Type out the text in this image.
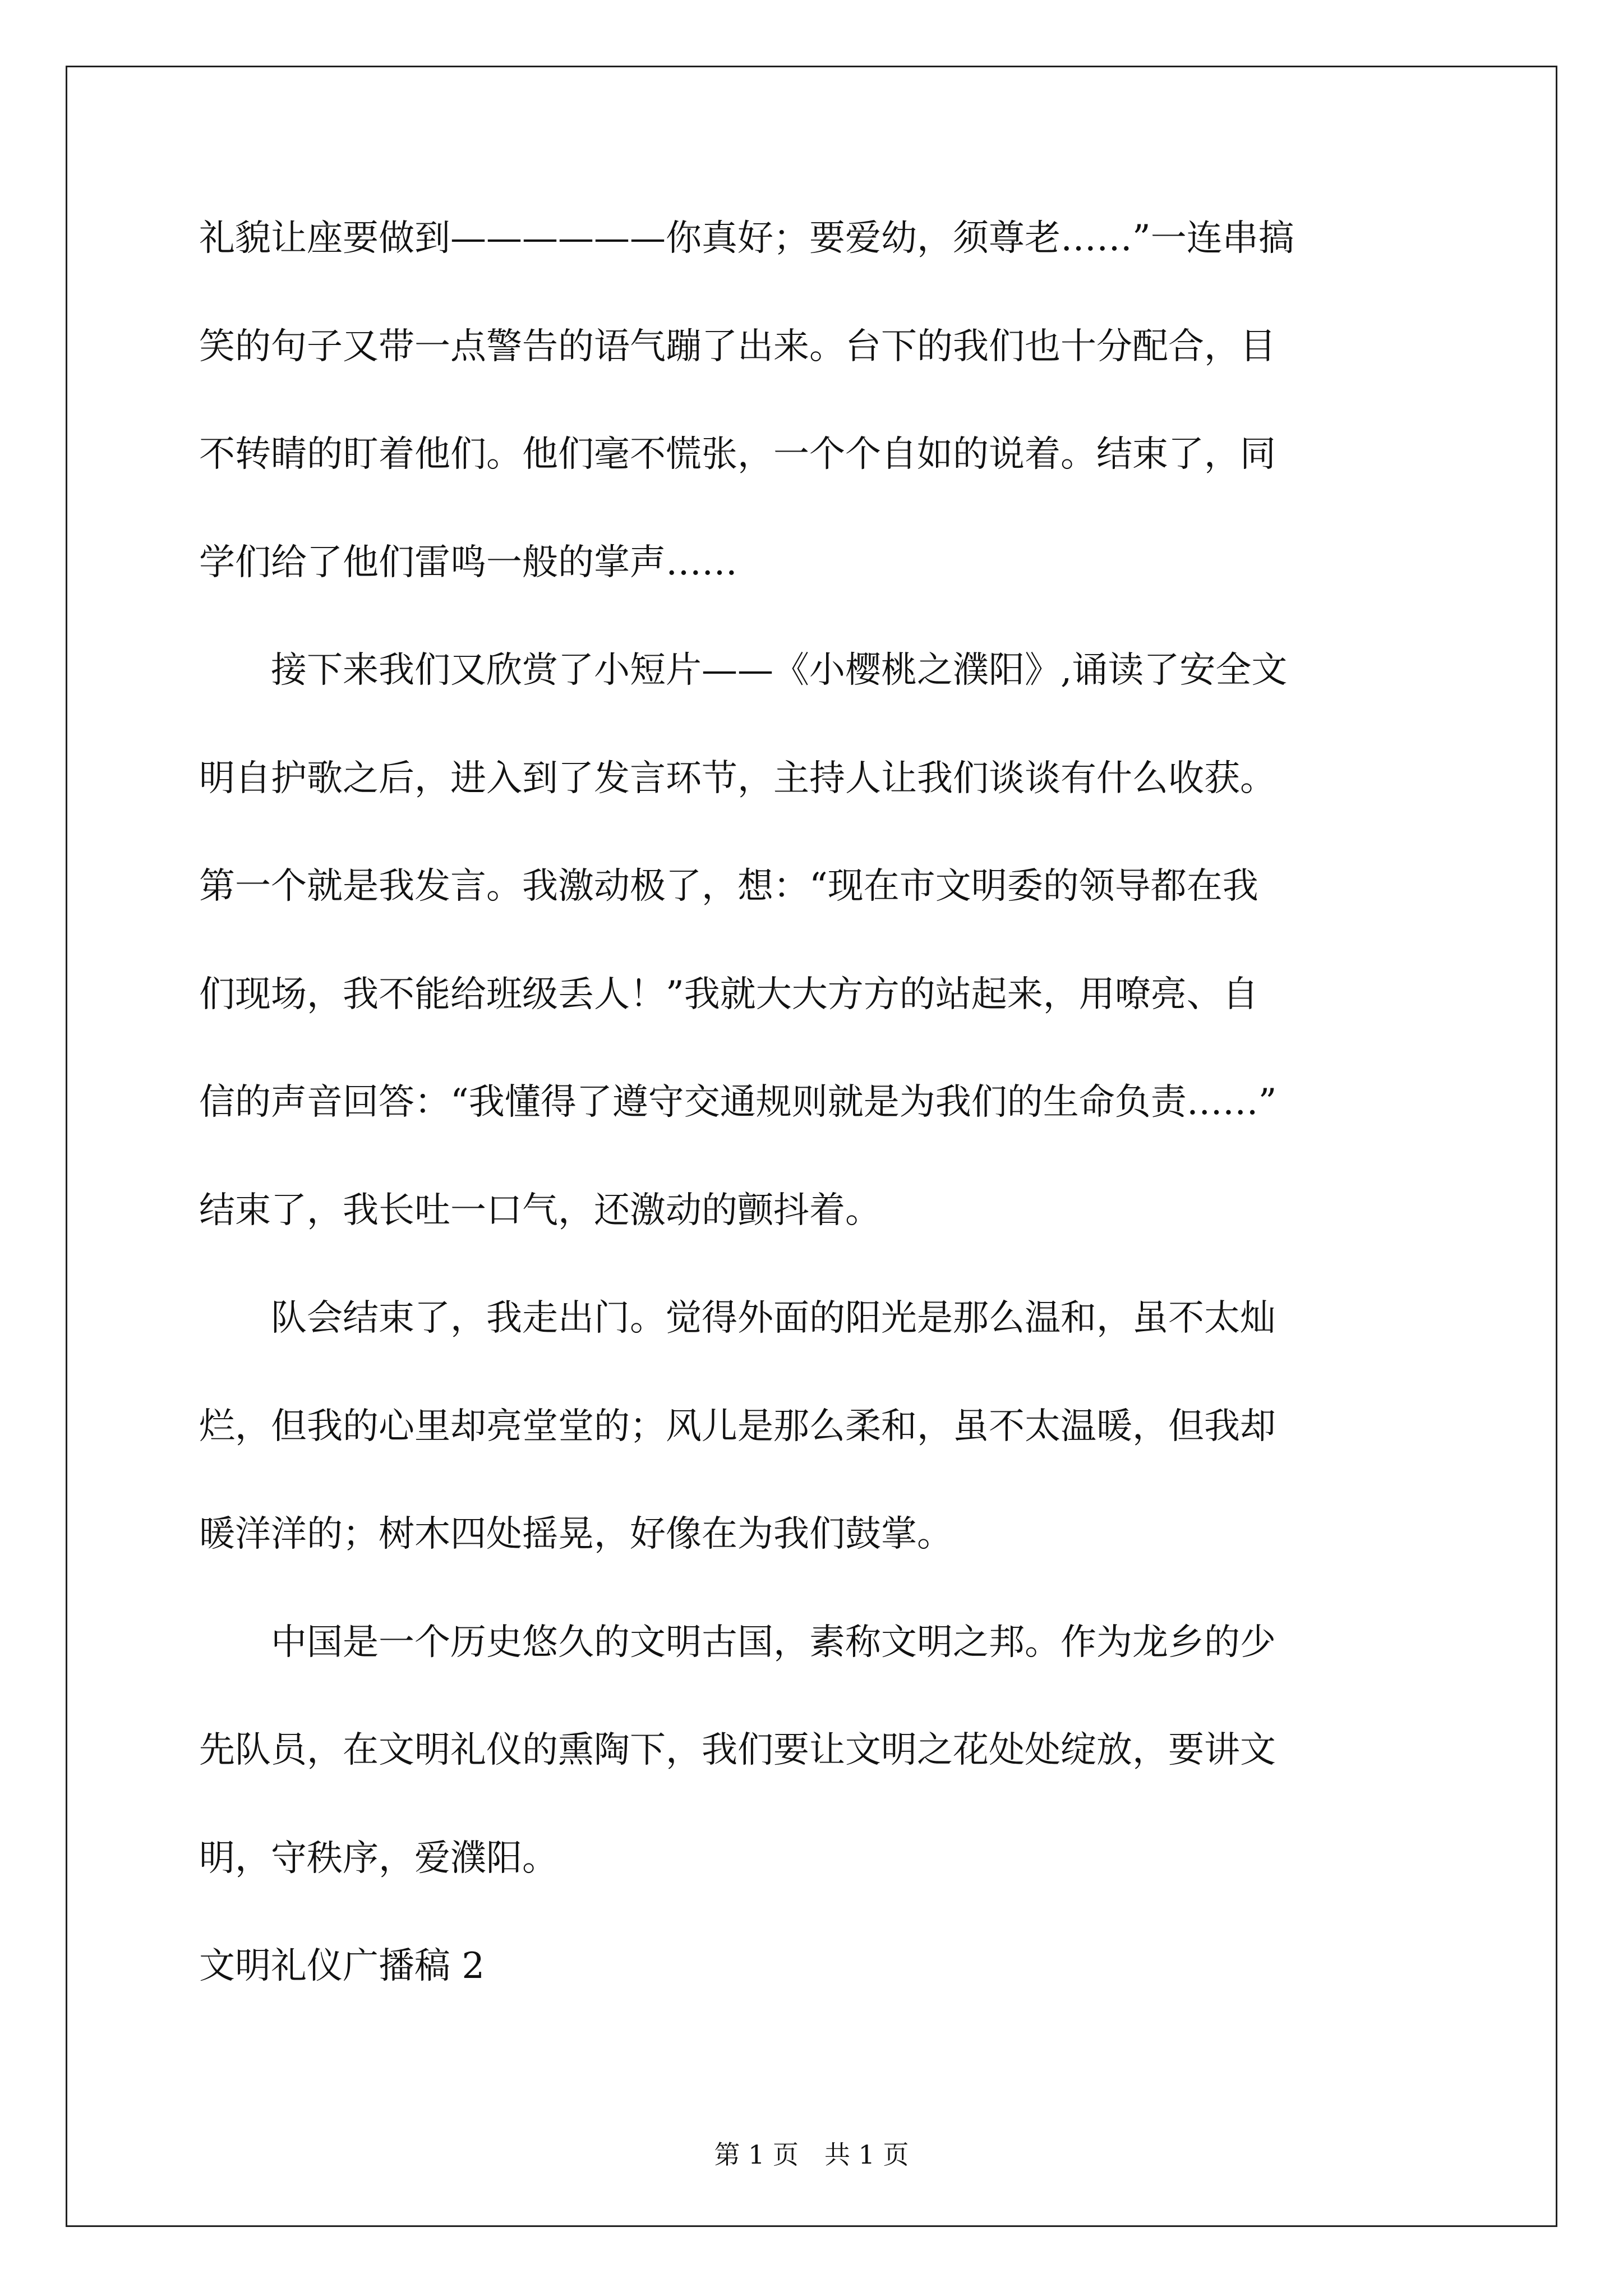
礼貌让座要做到——————你真好；要爱幼，须尊老……”一连串搞
笑的句子又带一点警告的语气蹦了出来。台下的我们也十分配合，目
不转睛的盯着他们。他们毫不慌张，一个个自如的说着。结束了，同
学们给了他们雷鸣一般的掌声……
　　接下来我们又欣赏了小短片——《小樱桃之濮阳》,诵读了安全文
明自护歌之后，进入到了发言环节，主持人让我们谈谈有什么收获。
第一个就是我发言。我激动极了，想：“现在市文明委的领导都在我
们现场，我不能给班级丢人！”我就大大方方的站起来，用嘹亮、自
信的声音回答：“我懂得了遵守交通规则就是为我们的生命负责……”
结束了，我长吐一口气，还激动的颤抖着。
　　队会结束了，我走出门。觉得外面的阳光是那么温和，虽不太灿
烂，但我的心里却亮堂堂的；风儿是那么柔和，虽不太温暖，但我却
暖洋洋的；树木四处摇晃，好像在为我们鼓掌。
　　中国是一个历史悠久的文明古国，素称文明之邦。作为龙乡的少
先队员，在文明礼仪的熏陶下，我们要让文明之花处处绽放，要讲文
明，守秩序，爱濮阳。
文明礼仪广播稿 2
第 1 页　共 1 页
